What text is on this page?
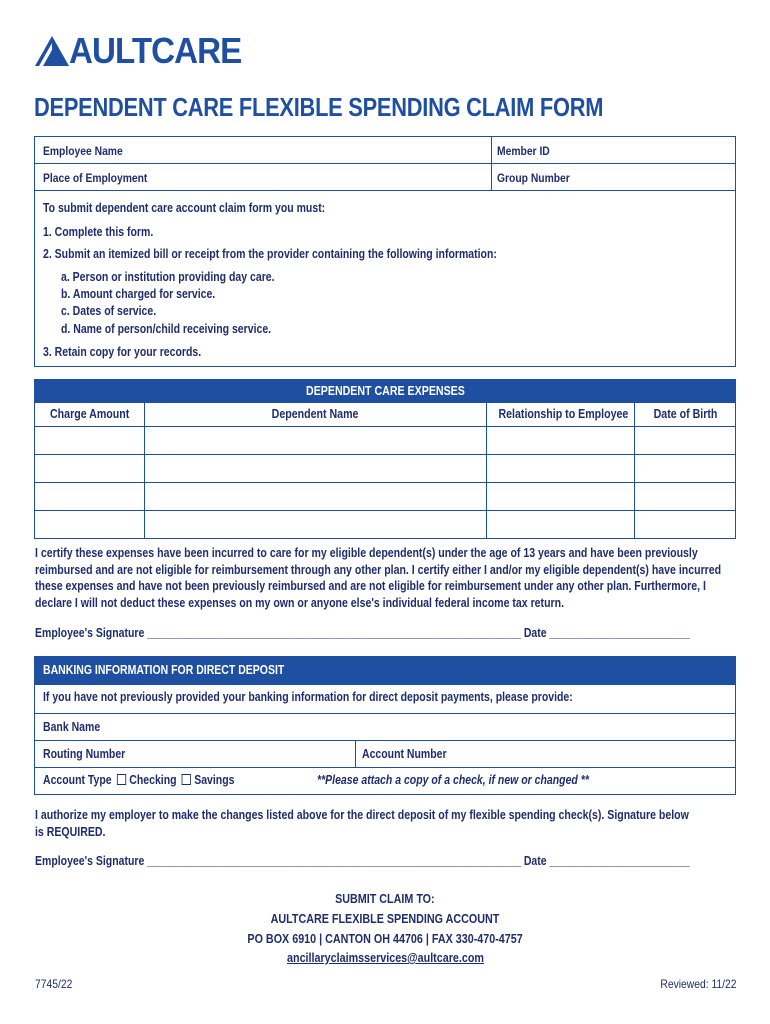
AULTCARE
DEPENDENT CARE FLEXIBLE SPENDING CLAIM FORM
Employee Name	Member ID
Place of Employment	Group Number
To submit dependent care account claim form you must:
1. Complete this form.
2. Submit an itemized bill or receipt from the provider containing the following information:
a. Person or institution providing day care.
b. Amount charged for service.
c. Dates of service.
d. Name of person/child receiving service.
3. Retain copy for your records.
DEPENDENT CARE EXPENSES
Charge Amount	Dependent Name	Relationship to Employee	Date of Birth
I certify these expenses have been incurred to care for my eligible dependent(s) under the age of 13 years and have been previously
reimbursed and are not eligible for reimbursement through any other plan. I certify either I and/or my eligible dependent(s) have incurred
these expenses and have not been previously reimbursed and are not eligible for reimbursement under any other plan. Furthermore, I
declare I will not deduct these expenses on my own or anyone else's individual federal income tax return.
Employee's Signature ________________________________________________________________ Date ________________________
BANKING INFORMATION FOR DIRECT DEPOSIT
If you have not previously provided your banking information for direct deposit payments, please provide:
Bank Name
Routing Number	Account Number
Account Type Checking Savings	**Please attach a copy of a check, if new or changed **
I authorize my employer to make the changes listed above for the direct deposit of my flexible spending check(s). Signature below
is REQUIRED.
Employee's Signature ________________________________________________________________ Date ________________________
SUBMIT CLAIM TO:
AULTCARE FLEXIBLE SPENDING ACCOUNT
PO BOX 6910 | CANTON OH 44706 | FAX 330-470-4757
ancillaryclaimsservices@aultcare.com
7745/22	Reviewed: 11/22
